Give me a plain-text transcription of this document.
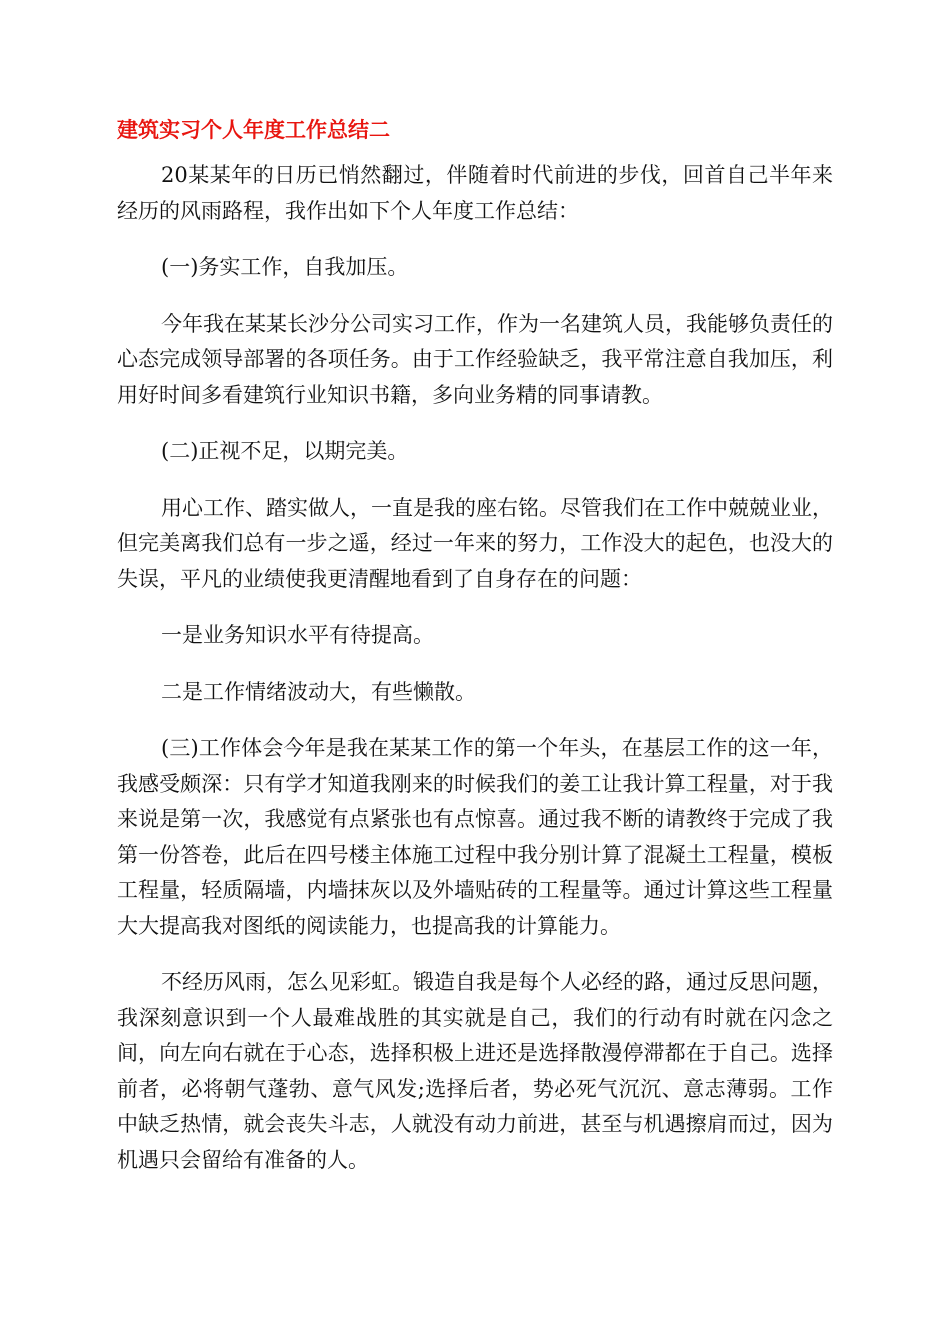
建筑实习个人年度工作总结二

20某某年的日历已悄然翻过，伴随着时代前进的步伐，回首自己半年来经历的风雨路程，我作出如下个人年度工作总结：

(一)务实工作，自我加压。

今年我在某某长沙分公司实习工作，作为一名建筑人员，我能够负责任的心态完成领导部署的各项任务。由于工作经验缺乏，我平常注意自我加压，利用好时间多看建筑行业知识书籍，多向业务精的同事请教。

(二)正视不足，以期完美。

用心工作、踏实做人，一直是我的座右铭。尽管我们在工作中兢兢业业，但完美离我们总有一步之遥，经过一年来的努力，工作没大的起色，也没大的失误，平凡的业绩使我更清醒地看到了自身存在的问题：

一是业务知识水平有待提高。

二是工作情绪波动大，有些懒散。

(三)工作体会今年是我在某某工作的第一个年头，在基层工作的这一年，我感受颇深：只有学才知道我刚来的时候我们的姜工让我计算工程量，对于我来说是第一次，我感觉有点紧张也有点惊喜。通过我不断的请教终于完成了我第一份答卷，此后在四号楼主体施工过程中我分别计算了混凝土工程量，模板工程量，轻质隔墙，内墙抹灰以及外墙贴砖的工程量等。通过计算这些工程量大大提高我对图纸的阅读能力，也提高我的计算能力。

不经历风雨，怎么见彩虹。锻造自我是每个人必经的路，通过反思问题，我深刻意识到一个人最难战胜的其实就是自己，我们的行动有时就在闪念之间，向左向右就在于心态，选择积极上进还是选择散漫停滞都在于自己。选择前者，必将朝气蓬勃、意气风发;选择后者，势必死气沉沉、意志薄弱。工作中缺乏热情，就会丧失斗志，人就没有动力前进，甚至与机遇擦肩而过，因为机遇只会留给有准备的人。
